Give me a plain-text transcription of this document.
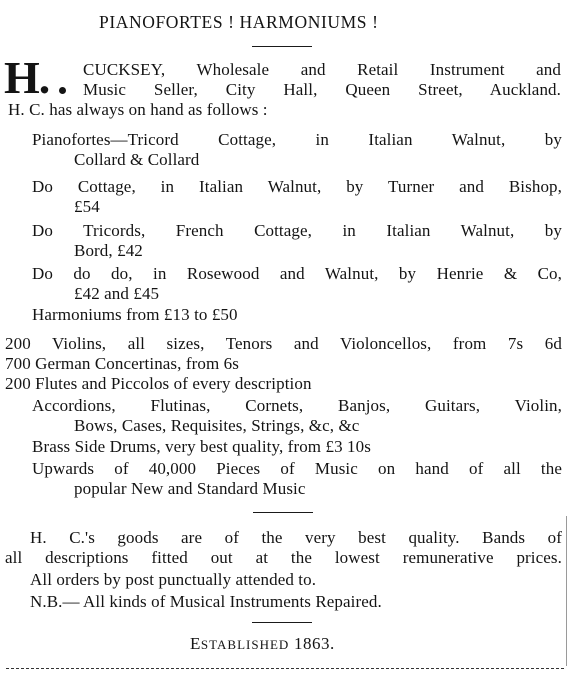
PIANOFORTES ! HARMONIUMS !
H. CUCKSEY, Wholesale and Retail Instrument and
Music Seller, City Hall, Queen Street, Auckland.
H. C. has always on hand as follows :
Pianofortes—Tricord Cottage, in Italian Walnut, by
Collard & Collard
Do Cottage, in Italian Walnut, by Turner and Bishop,
£54
Do Tricords, French Cottage, in Italian Walnut, by
Bord, £42
Do do do, in Rosewood and Walnut, by Henrie & Co,
£42 and £45
Harmoniums from £13 to £50
200 Violins, all sizes, Tenors and Violoncellos, from 7s 6d
700 German Concertinas, from 6s
200 Flutes and Piccolos of every description
Accordions, Flutinas, Cornets, Banjos, Guitars, Violin,
Bows, Cases, Requisites, Strings, &c, &c
Brass Side Drums, very best quality, from £3 10s
Upwards of 40,000 Pieces of Music on hand of all the
popular New and Standard Music
H. C.'s goods are of the very best quality. Bands of
all descriptions fitted out at the lowest remunerative prices.
All orders by post punctually attended to.
N.B.— All kinds of Musical Instruments Repaired.
ESTABLISHED 1863.
